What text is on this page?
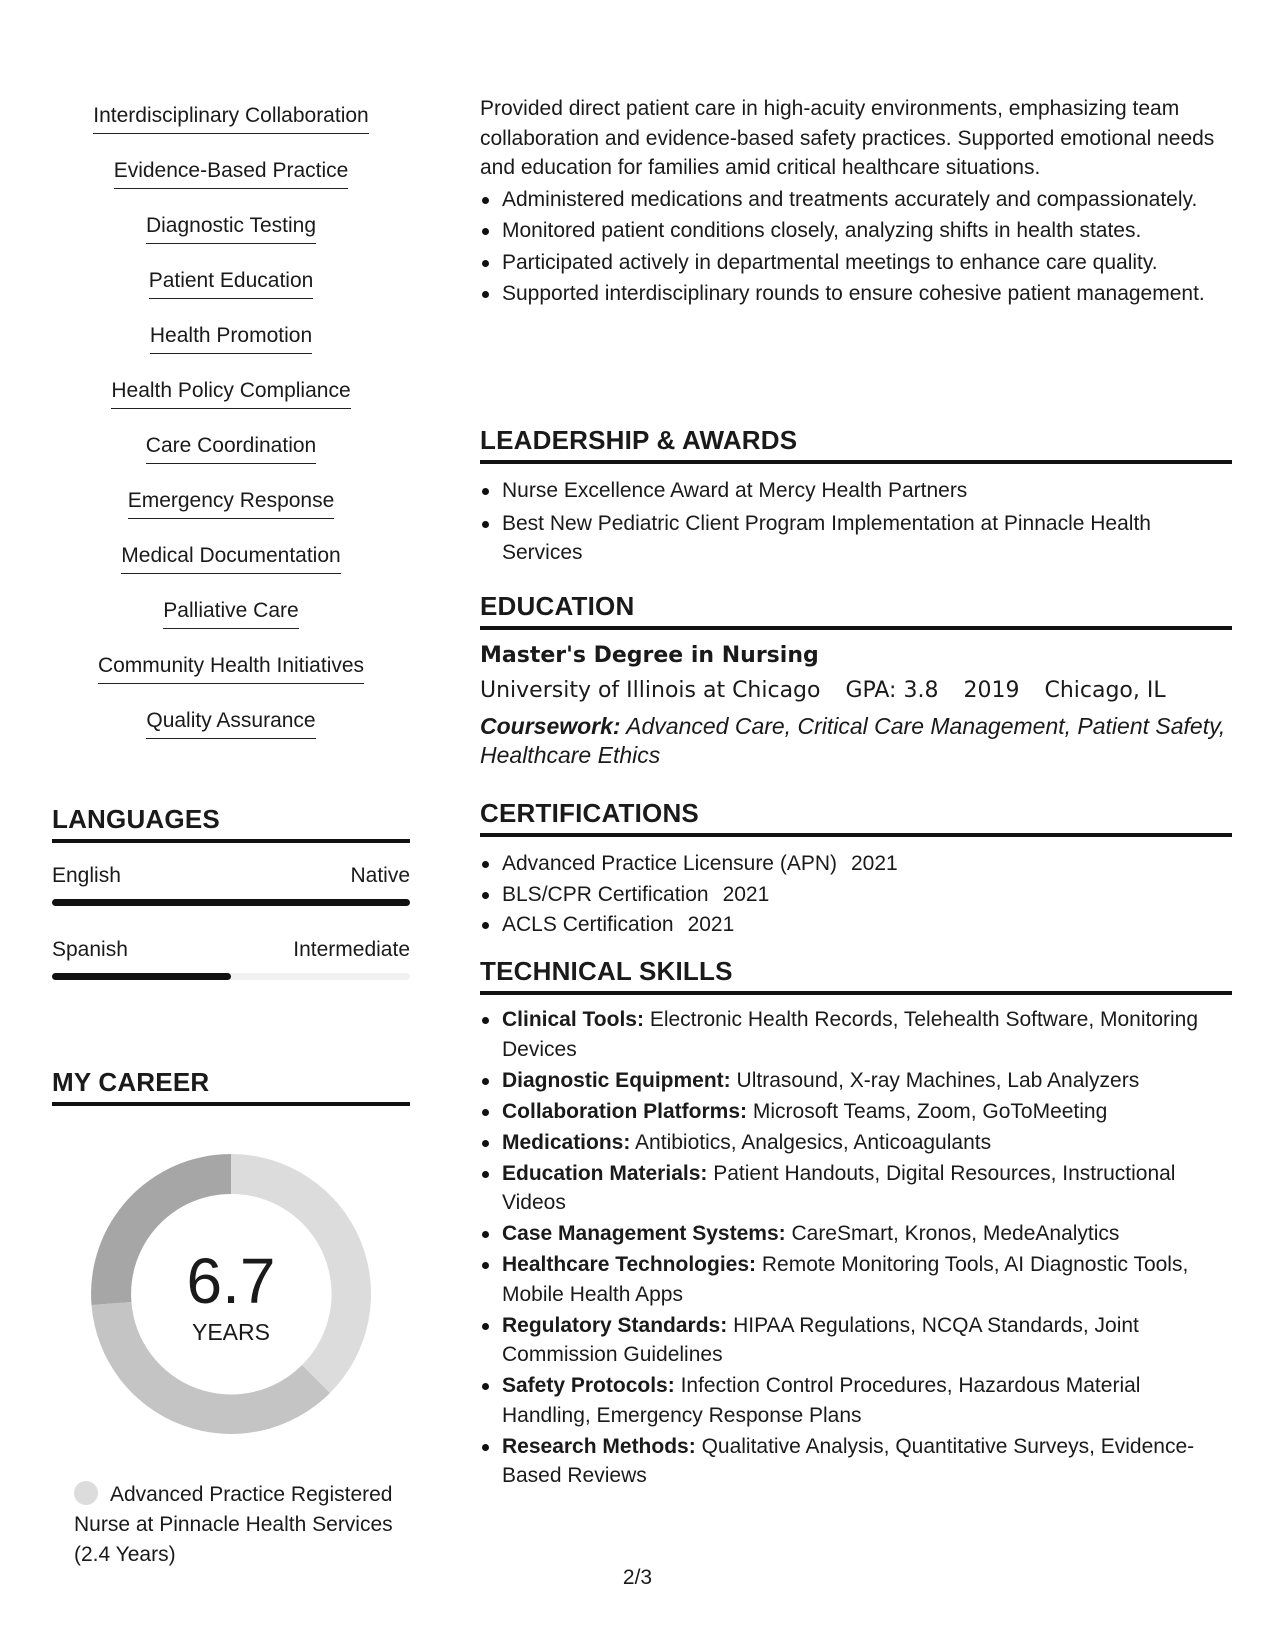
Interdisciplinary Collaboration
Evidence-Based Practice
Diagnostic Testing
Patient Education
Health Promotion
Health Policy Compliance
Care Coordination
Emergency Response
Medical Documentation
Palliative Care
Community Health Initiatives
Quality Assurance
LANGUAGES
English	Native
Spanish	Intermediate
MY CAREER
6.7
YEARS
Advanced Practice Registered Nurse at Pinnacle Health Services (2.4 Years)
Provided direct patient care in high-acuity environments, emphasizing team collaboration and evidence-based safety practices. Supported emotional needs and education for families amid critical healthcare situations.
Administered medications and treatments accurately and compassionately.
Monitored patient conditions closely, analyzing shifts in health states.
Participated actively in departmental meetings to enhance care quality.
Supported interdisciplinary rounds to ensure cohesive patient management.
LEADERSHIP & AWARDS
Nurse Excellence Award at Mercy Health Partners
Best New Pediatric Client Program Implementation at Pinnacle Health Services
EDUCATION
Master's Degree in Nursing
University of Illinois at Chicago GPA: 3.8 2019 Chicago, IL
Coursework: Advanced Care, Critical Care Management, Patient Safety, Healthcare Ethics
CERTIFICATIONS
Advanced Practice Licensure (APN) 2021
BLS/CPR Certification 2021
ACLS Certification 2021
TECHNICAL SKILLS
Clinical Tools: Electronic Health Records, Telehealth Software, Monitoring Devices
Diagnostic Equipment: Ultrasound, X-ray Machines, Lab Analyzers
Collaboration Platforms: Microsoft Teams, Zoom, GoToMeeting
Medications: Antibiotics, Analgesics, Anticoagulants
Education Materials: Patient Handouts, Digital Resources, Instructional Videos
Case Management Systems: CareSmart, Kronos, MedeAnalytics
Healthcare Technologies: Remote Monitoring Tools, AI Diagnostic Tools, Mobile Health Apps
Regulatory Standards: HIPAA Regulations, NCQA Standards, Joint Commission Guidelines
Safety Protocols: Infection Control Procedures, Hazardous Material Handling, Emergency Response Plans
Research Methods: Qualitative Analysis, Quantitative Surveys, Evidence-Based Reviews
2/3
